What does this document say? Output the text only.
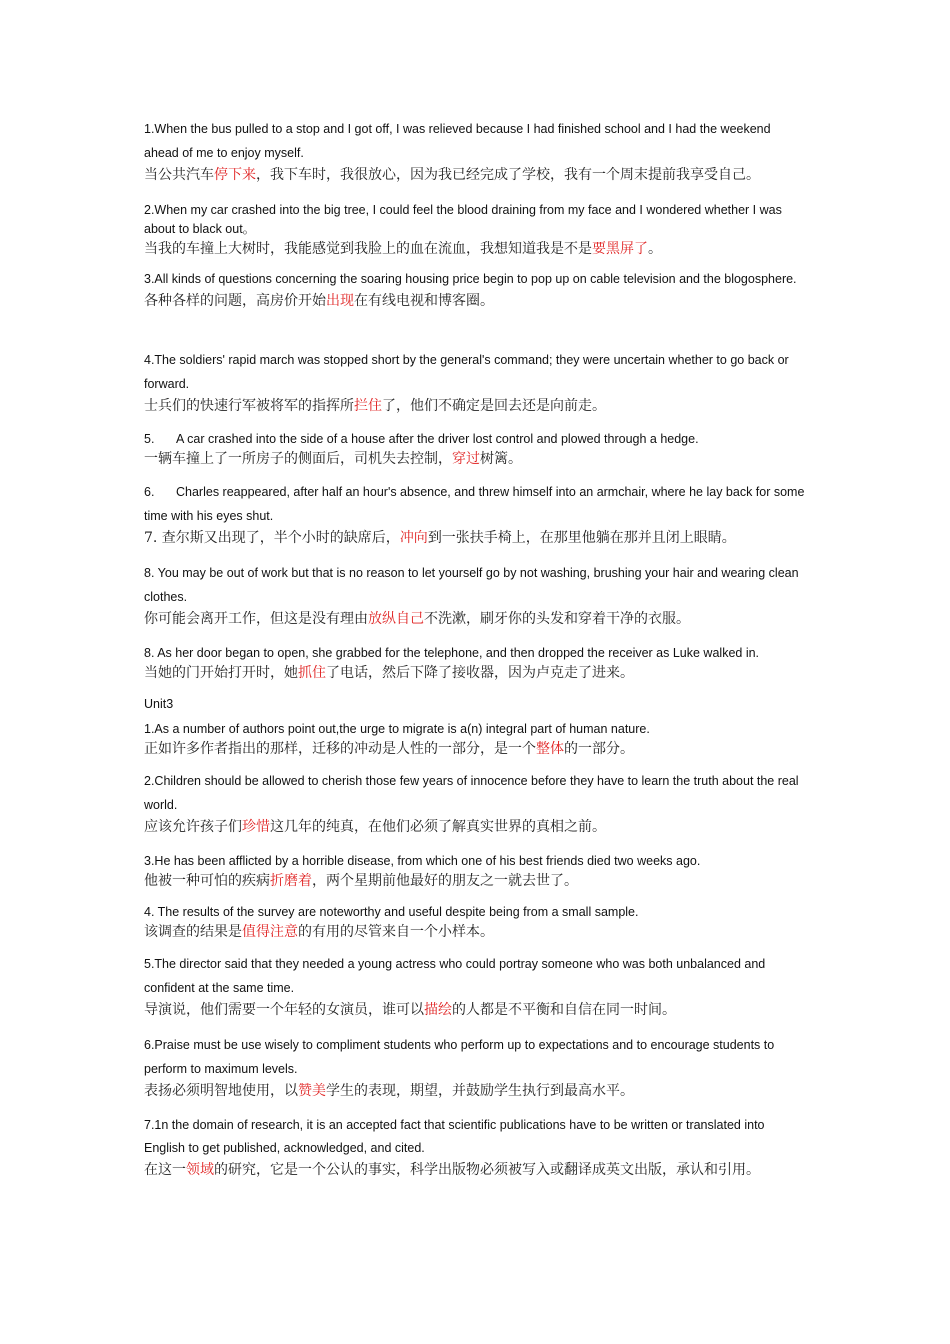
1.When the bus pulled to a stop and I got off, I was relieved because I had finished school and I had the weekend ahead of me to enjoy myself.
当公共汽车停下来，我下车时，我很放心，因为我已经完成了学校，我有一个周末提前我享受自己。
2.When my car crashed into the big tree, I could feel the blood draining from my face and I wondered whether I was about to black out。
当我的车撞上大树时，我能感觉到我脸上的血在流血，我想知道我是不是要黑屏了。
3.All kinds of questions concerning the soaring housing price begin to pop up on cable television and the blogosphere.
各种各样的问题，高房价开始出现在有线电视和博客圈。
4.The soldiers' rapid march was stopped short by the general's command; they were uncertain whether to go back or forward.
士兵们的快速行军被将军的指挥所拦住了，他们不确定是回去还是向前走。
5. A car crashed into the side of a house after the driver lost control and plowed through a hedge.
一辆车撞上了一所房子的侧面后，司机失去控制，穿过树篱。
6. Charles reappeared, after half an hour's absence, and threw himself into an armchair, where he lay back for some time with his eyes shut.
7. 查尔斯又出现了，半个小时的缺席后，冲向到一张扶手椅上，在那里他躺在那并且闭上眼睛。
8. You may be out of work but that is no reason to let yourself go by not washing, brushing your hair and wearing clean clothes.
你可能会离开工作，但这是没有理由放纵自己不洗漱，刷牙你的头发和穿着干净的衣服。
8. As her door began to open, she grabbed for the telephone, and then dropped the receiver as Luke walked in.
当她的门开始打开时，她抓住了电话，然后下降了接收器，因为卢克走了进来。
Unit3
1.As a number of authors point out,the urge to migrate is a(n) integral part of human nature.
正如许多作者指出的那样，迁移的冲动是人性的一部分，是一个整体的一部分。
2.Children should be allowed to cherish those few years of innocence before they have to learn the truth about the real world.
应该允许孩子们珍惜这几年的纯真，在他们必须了解真实世界的真相之前。
3.He has been afflicted by a horrible disease, from which one of his best friends died two weeks ago.
他被一种可怕的疾病折磨着，两个星期前他最好的朋友之一就去世了。
4. The results of the survey are noteworthy and useful despite being from a small sample.
该调查的结果是值得注意的有用的尽管来自一个小样本。
5.The director said that they needed a young actress who could portray someone who was both unbalanced and confident at the same time.
导演说，他们需要一个年轻的女演员，谁可以描绘的人都是不平衡和自信在同一时间。
6.Praise must be use wisely to compliment students who perform up to expectations and to encourage students to perform to maximum levels.
表扬必须明智地使用，以赞美学生的表现，期望，并鼓励学生执行到最高水平。
7.1n the domain of research, it is an accepted fact that scientific publications have to be written or translated into English to get published, acknowledged, and cited.
在这一领域的研究，它是一个公认的事实，科学出版物必须被写入或翻译成英文出版，承认和引用。
